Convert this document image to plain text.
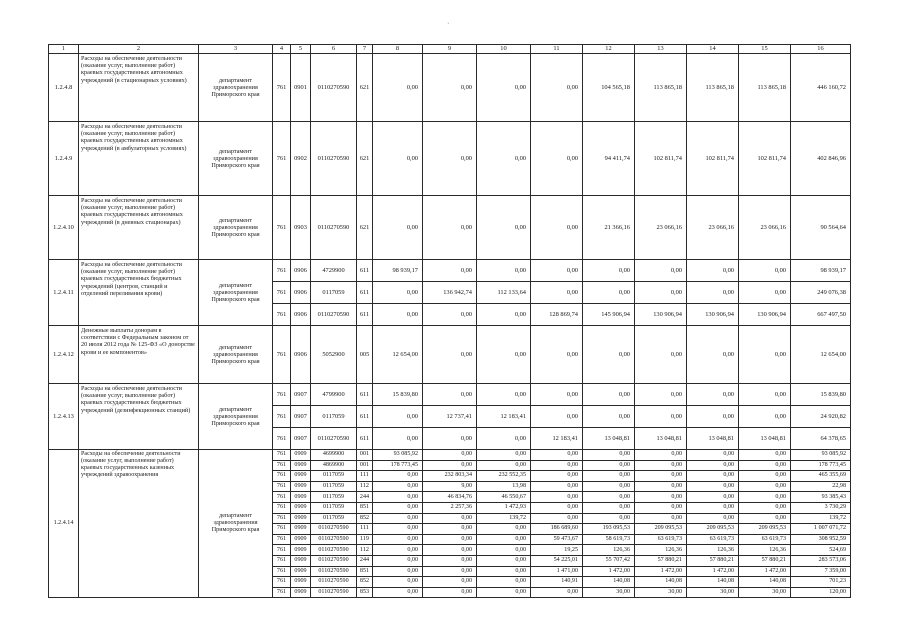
ʾ
1	2	3	4	5	6	7	8	9	10	11	12	13	14	15	16
1.2.4.8	Расходы на обеспечение деятельности (оказание услуг, выполнение работ) краевых государственных автономных учреждений (в стационарных условиях)	департамент здравоохранения Приморского края	761	0901	0110270590	621	0,00	0,00	0,00	0,00	104 565,18	113 865,18	113 865,18	113 865,18	446 160,72
1.2.4.9	Расходы на обеспечение деятельности (оказание услуг, выполнение работ) краевых государственных автономных учреждений (в амбулаторных условиях)	департамент здравоохранения Приморского края	761	0902	0110270590	621	0,00	0,00	0,00	0,00	94 411,74	102 811,74	102 811,74	102 811,74	402 846,96
1.2.4.10	Расходы на обеспечение деятельности (оказание услуг, выполнение работ) краевых государственных автономных учреждений (в дневных стационарах)	департамент здравоохранения Приморского края	761	0903	0110270590	621	0,00	0,00	0,00	0,00	21 366,16	23 066,16	23 066,16	23 066,16	90 564,64
1.2.4.11	Расходы на обеспечение деятельности (оказание услуг, выполнение работ) краевых государственных бюджетных учреждений (центров, станций и отделений переливания крови)	департамент здравоохранения Приморского края	761	0906	4729900	611	98 939,17	0,00	0,00	0,00	0,00	0,00	0,00	0,00	98 939,17
			761	0906	0117059	611	0,00	136 942,74	112 133,64	0,00	0,00	0,00	0,00	0,00	249 076,38
			761	0906	0110270590	611	0,00	0,00	0,00	128 869,74	145 906,94	130 906,94	130 906,94	130 906,94	667 497,50
1.2.4.12	Денежные выплаты донорам в соответствии с Федеральным законом от 20 июля 2012 года № 125-ФЗ «О донорстве крови и ее компонентов»	департамент здравоохранения Приморского края	761	0906	5052900	005	12 654,00	0,00	0,00	0,00	0,00	0,00	0,00	0,00	12 654,00
1.2.4.13	Расходы на обеспечение деятельности (оказание услуг, выполнение работ) краевых государственных бюджетных учреждений (дезинфекционных станций)	департамент здравоохранения Приморского края	761	0907	4799900	611	15 839,80	0,00	0,00	0,00	0,00	0,00	0,00	0,00	15 839,80
			761	0907	0117059	611	0,00	12 737,41	12 183,41	0,00	0,00	0,00	0,00	0,00	24 920,82
			761	0907	0110270590	611	0,00	0,00	0,00	12 183,41	13 048,81	13 048,81	13 048,81	13 048,81	64 378,65
1.2.4.14	Расходы на обеспечение деятельности (оказание услуг, выполнение работ) краевых государственных казенных учреждений здравоохранения	департамент здравоохранения Приморского края	761	0909	4699900	001	93 085,92	0,00	0,00	0,00	0,00	0,00	0,00	0,00	93 085,92
			761	0909	4869900	001	178 773,45	0,00	0,00	0,00	0,00	0,00	0,00	0,00	178 773,45
			761	0909	0117059	111	0,00	232 803,34	232 552,35	0,00	0,00	0,00	0,00	0,00	465 355,69
			761	0909	0117059	112	0,00	9,00	13,98	0,00	0,00	0,00	0,00	0,00	22,98
			761	0909	0117059	244	0,00	46 834,76	46 550,67	0,00	0,00	0,00	0,00	0,00	93 385,43
			761	0909	0117059	851	0,00	2 257,36	1 472,93	0,00	0,00	0,00	0,00	0,00	3 730,29
			761	0909	0117059	852	0,00	0,00	139,72	0,00	0,00	0,00	0,00	0,00	139,72
			761	0909	0110270590	111	0,00	0,00	0,00	186 689,60	193 095,53	209 095,53	209 095,53	209 095,53	1 007 071,72
			761	0909	0110270590	119	0,00	0,00	0,00	59 473,67	58 619,73	63 619,73	63 619,73	63 619,73	308 952,59
			761	0909	0110270590	112	0,00	0,00	0,00	19,25	126,36	126,36	126,36	126,36	524,69
			761	0909	0110270590	244	0,00	0,00	0,00	54 225,01	55 707,42	57 880,21	57 880,21	57 880,21	283 573,06
			761	0909	0110270590	851	0,00	0,00	0,00	1 471,00	1 472,00	1 472,00	1 472,00	1 472,00	7 359,00
			761	0909	0110270590	852	0,00	0,00	0,00	140,91	140,08	140,08	140,08	140,08	701,23
			761	0909	0110270590	853	0,00	0,00	0,00	0,00	30,00	30,00	30,00	30,00	120,00
